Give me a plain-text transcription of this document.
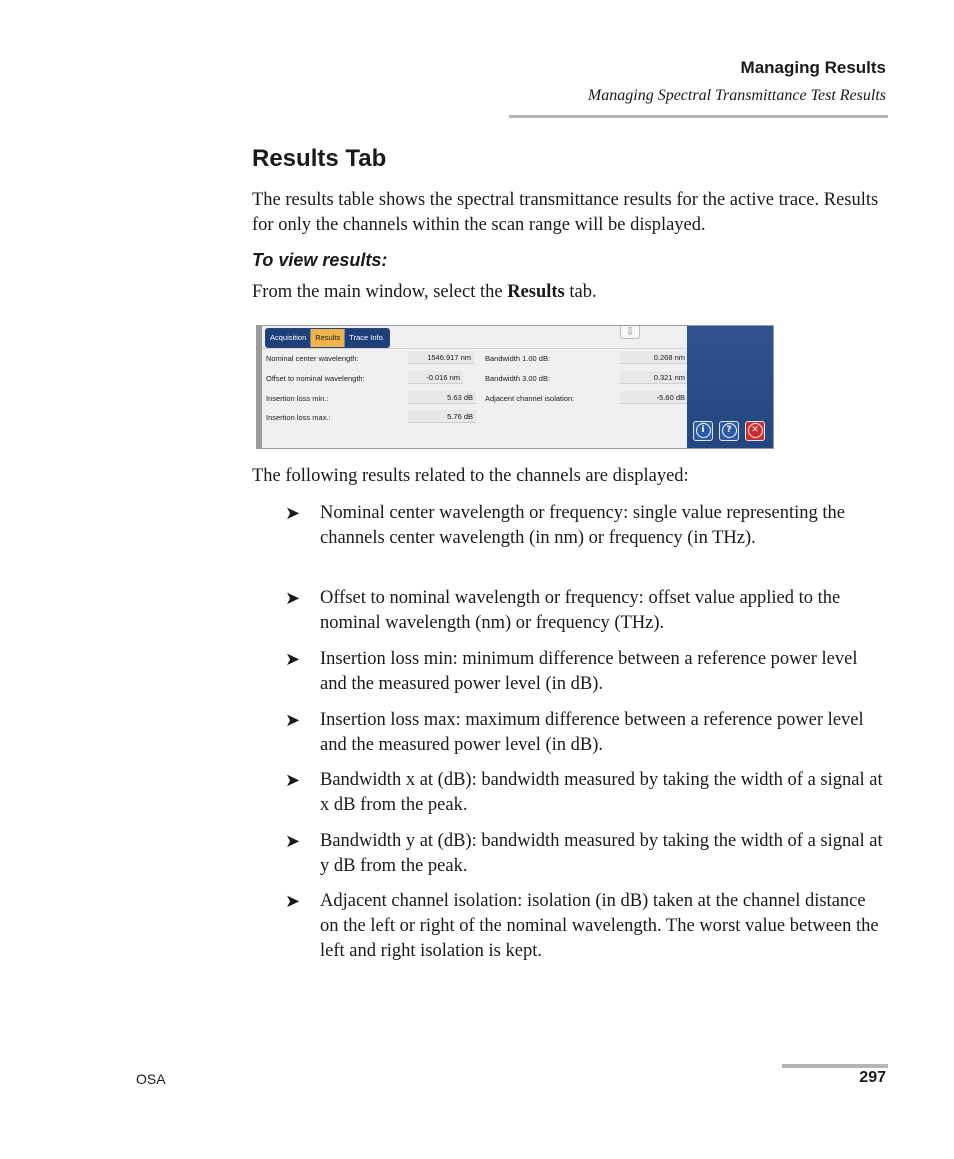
Managing Results
Managing Spectral Transmittance Test Results
Results Tab

The results table shows the spectral transmittance results for the active trace. Results for only the channels within the scan range will be displayed.

To view results:

From the main window, select the Results tab.

Acquisition	Results	Trace Info.	⇩
Nominal center wavelength:	1546.917 nm
Offset to nominal wavelength:	-0.016 nm
Insertion loss min.:	5.63 dB
Insertion loss max.:	5.76 dB
Bandwidth 1.00 dB:	0.268 nm
Bandwidth 3.00 dB:	0.321 nm
Adjacent channel isolation:	-5.60 dB
i	?	✕

The following results related to the channels are displayed:

➤ Nominal center wavelength or frequency: single value representing the channels center wavelength (in nm) or frequency (in THz).
➤ Offset to nominal wavelength or frequency: offset value applied to the nominal wavelength (nm) or frequency (THz).
➤ Insertion loss min: minimum difference between a reference power level and the measured power level (in dB).
➤ Insertion loss max: maximum difference between a reference power level and the measured power level (in dB).
➤ Bandwidth x at (dB): bandwidth measured by taking the width of a signal at x dB from the peak.
➤ Bandwidth y at (dB): bandwidth measured by taking the width of a signal at y dB from the peak.
➤ Adjacent channel isolation: isolation (in dB) taken at the channel distance on the left or right of the nominal wavelength. The worst value between the left and right isolation is kept.
OSA	297
